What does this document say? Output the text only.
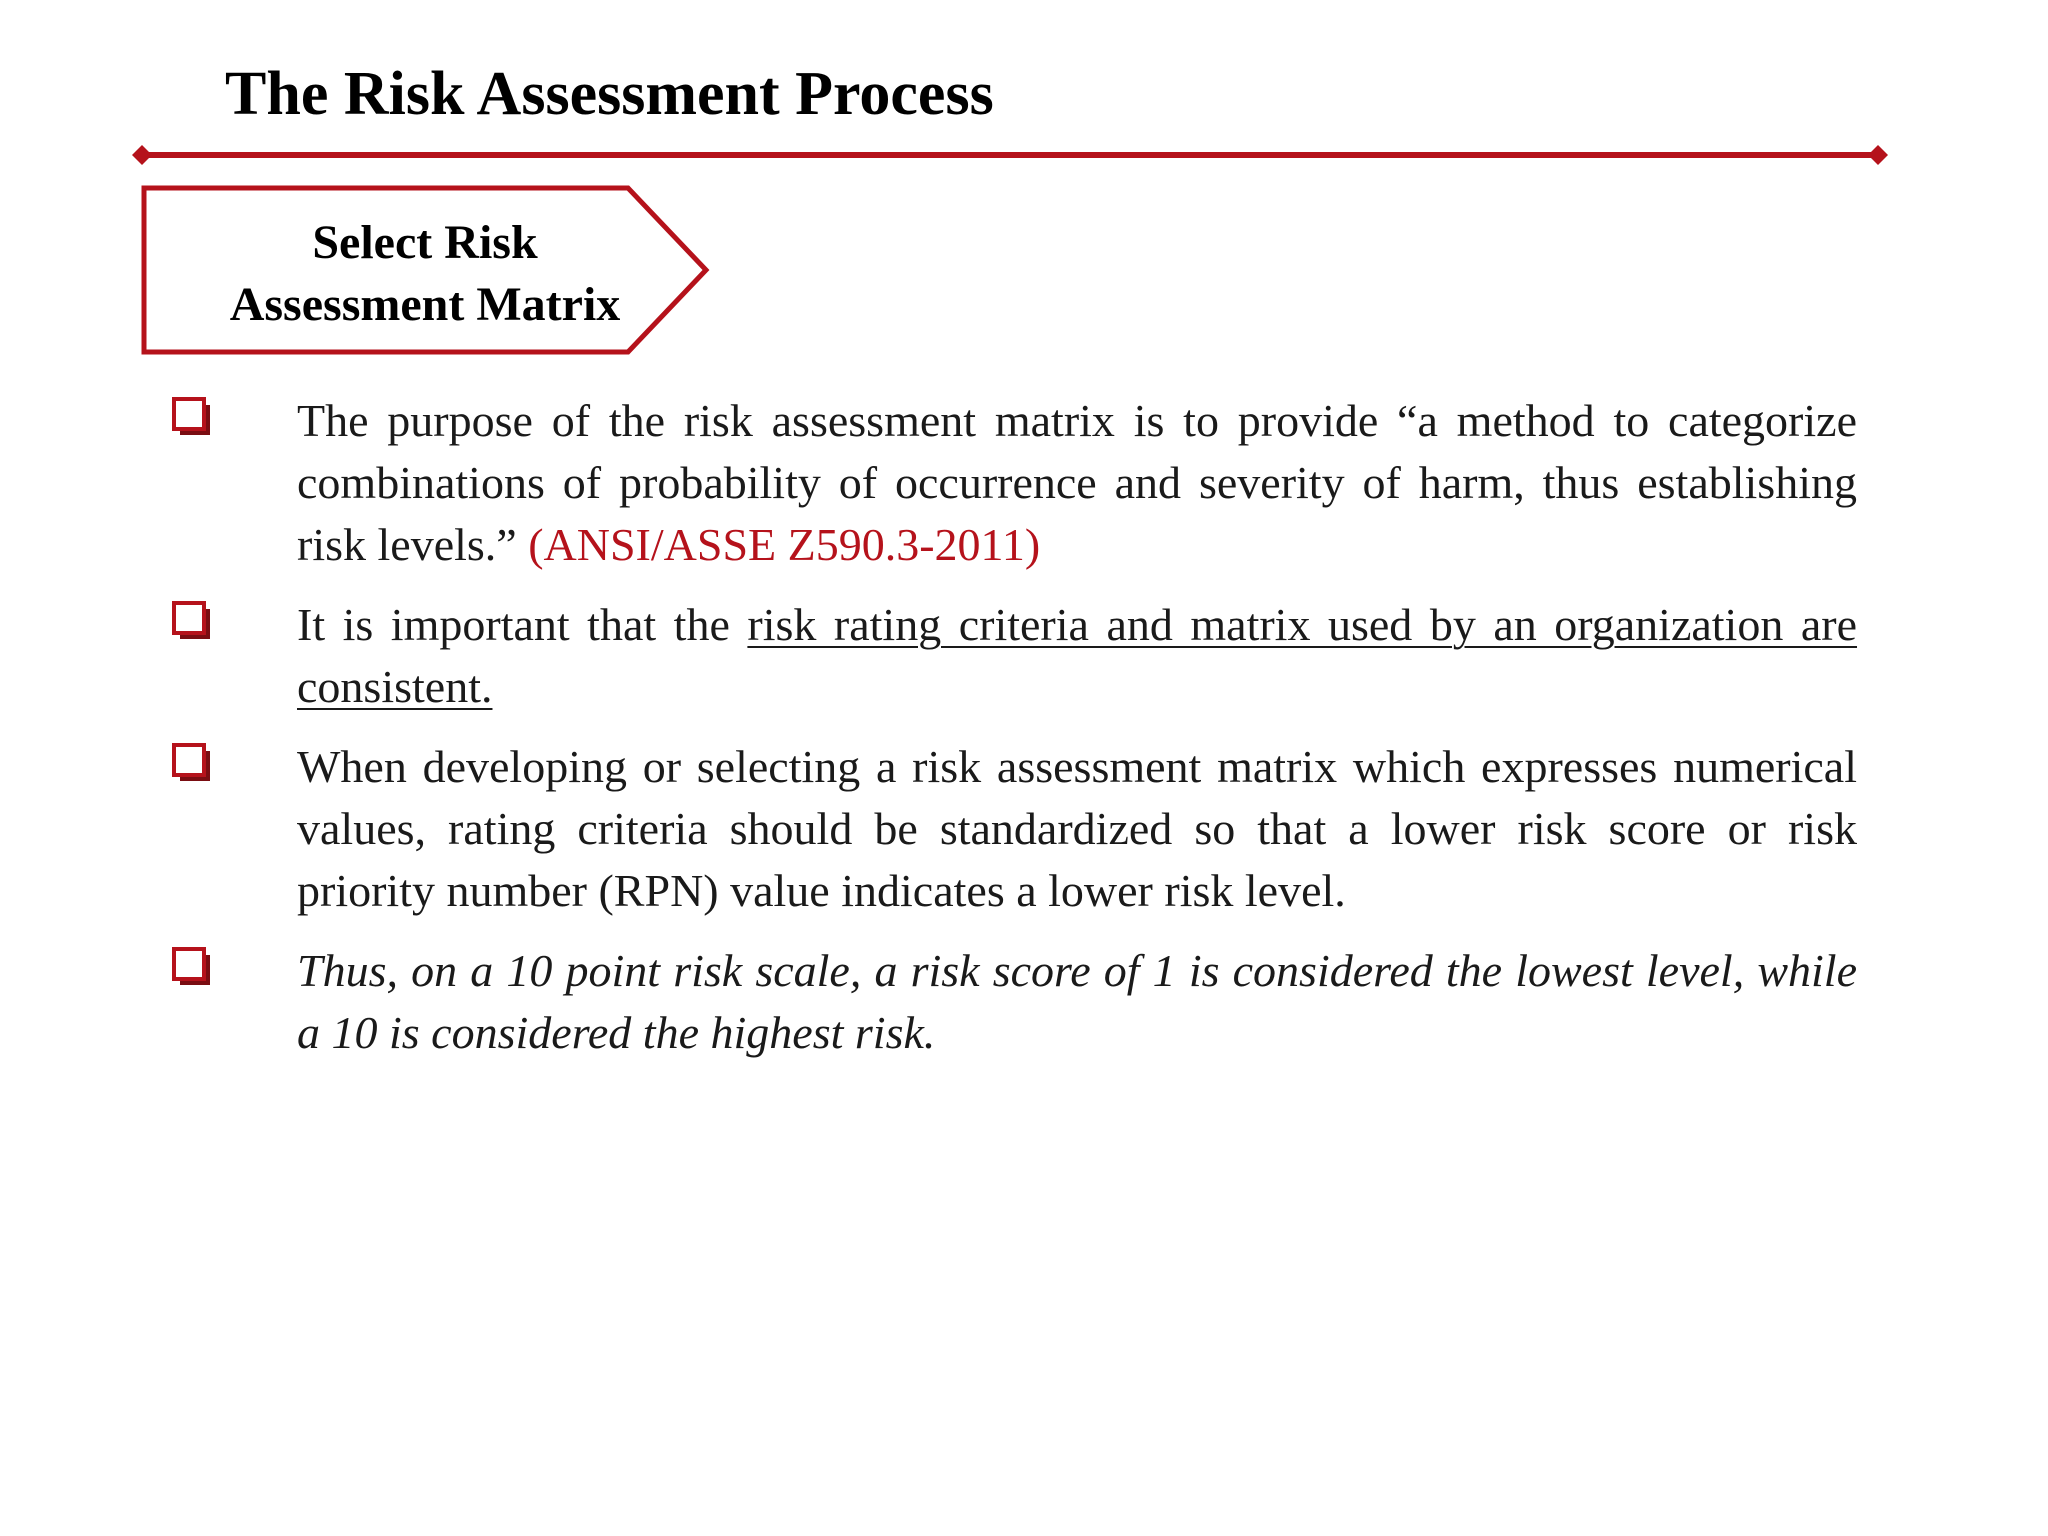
The Risk Assessment Process
Select Risk
Assessment Matrix

The purpose of the risk assessment matrix is to provide “a method to categorize combinations of probability of occurrence and severity of harm, thus establishing risk levels.” (ANSI/ASSE Z590.3-2011)

It is important that the risk rating criteria and matrix used by an organization are consistent.

When developing or selecting a risk assessment matrix which expresses numerical values, rating criteria should be standardized so that a lower risk score or risk priority number (RPN) value indicates a lower risk level.

Thus, on a 10 point risk scale, a risk score of 1 is considered the lowest level, while a 10 is considered the highest risk.
